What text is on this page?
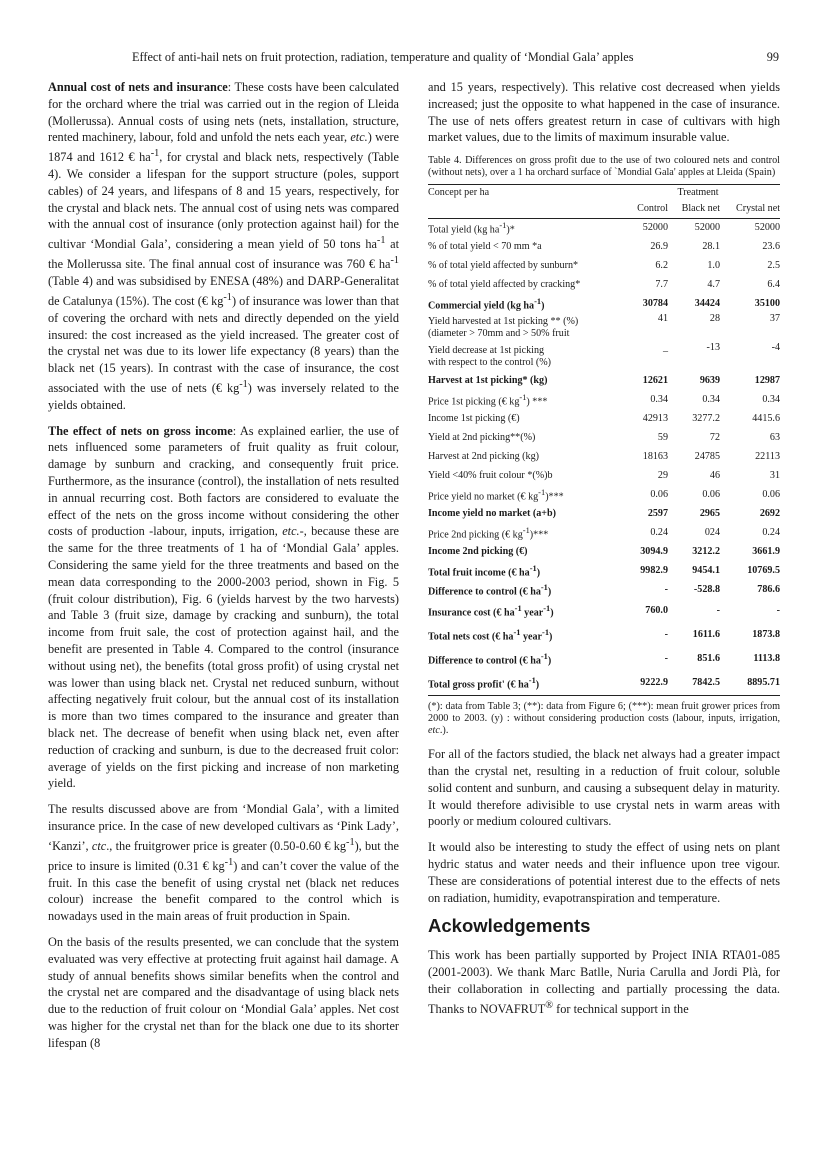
Effect of anti-hail nets on fruit protection, radiation, temperature and quality of ‘Mondial Gala’ apples	99

Annual cost of nets and insurance: These costs have been calculated for the orchard where the trial was carried out in the region of Lleida (Mollerussa). Annual costs of using nets (nets, installation, structure, rented machinery, labour, fold and unfold the nets each year, etc.) were 1874 and 1612 € $ha^{-1}$, for crystal and black nets, respectively (Table 4). We consider a lifespan for the support structure (poles, support cables) of 24 years, and lifespans of 8 and 15 years, respectively, for the crystal and black nets. The annual cost of using nets was compared with the annual cost of insurance (only protection against hail) for the cultivar ‘Mondial Gala’, considering a mean yield of 50 tons $ha^{-1}$ at the Mollerussa site. The final annual cost of insurance was 760 € $ha^{-1}$ (Table 4) and was subsidised by ENESA (48%) and DARP-Generalitat de Catalunya (15%). The cost (€ $kg^{-1}$) of insurance was lower than that of covering the orchard with nets and directly depended on the yield insured: the cost increased as the yield increased. The greater cost of the crystal net was due to its lower life expectancy (8 years) than the black net (15 years). In contrast with the case of insurance, the cost associated with the use of nets (€ $kg^{-1}$) was inversely related to the yields obtained.

The effect of nets on gross income: As explained earlier, the use of nets influenced some parameters of fruit quality as fruit colour, damage by sunburn and cracking, and consequently fruit price. Furthermore, as the insurance (control), the installation of nets resulted in annual recurring cost. Both factors are considered to evaluate the effect of the nets on the gross income without considering the other costs of production -labour, inputs, irrigation, etc.-, because these are the same for the three treatments of 1 ha of ‘Mondial Gala’ apples. Considering the same yield for the three treatments and based on the mean data corresponding to the 2000-2003 period, shown in Fig. 5 (fruit colour distribution), Fig. 6 (yields harvest by the two harvests) and Table 3 (fruit size, damage by cracking and sunburn), the total income from fruit sale, the cost of protection against hail, and the benefit are presented in Table 4. Compared to the control (insurance without using net), the benefits (total gross profit) of using crystal net was lower than using black net. Crystal net reduced sunburn, without affecting negatively fruit colour, but the annual cost of its installation is more than two times compared to the insurance and greater than black net. The decrease of benefit when using black net, even after reduction of cracking and sunburn, is due to the decreased fruit color: average of yields on the first picking and increase of non marketing yield.

The results discussed above are from ‘Mondial Gala’, with a limited insurance price. In the case of new developed cultivars as ‘Pink Lady’, ‘Kanzi’, ctc., the fruitgrower price is greater (0.50-0.60 € $kg^{-1}$), but the price to insure is limited (0.31 € $kg^{-1}$) and can’t cover the value of the fruit. In this case the benefit of using crystal net (black net reduces colour) increase the benefit compared to the control which is nowadays used in the main areas of fruit production in Spain.

On the basis of the results presented, we can conclude that the system evaluated was very effective at protecting fruit against hail damage. A study of annual benefits shows similar benefits when the control and the crystal net are compared and the disadvantage of using black nets due to the reduction of fruit colour on ‘Mondial Gala’ apples. Net cost was higher for the crystal net than for the black one due to its shorter lifespan (8

and 15 years, respectively). This relative cost decreased when yields increased; just the opposite to what happened in the case of insurance. The use of nets offers greatest return in case of cultivars with high market values, due to the limits of maximum insurable value.

Table 4. Differences on gross profit due to the use of two coloured nets and control (without nets), over a 1 ha orchard surface of `Mondial Gala' apples at Lleida (Spain)

Concept per ha	Treatment		
	Control	Black net	Crystal net
Total yield (kg $ha^{-1})*$	52000	52000	52000
% of total yield < 70 mm *a	26.9	28.1	23.6
% of total yield affected by sunburn*	6.2	1.0	2.5
% of total yield affected by cracking*	7.7	4.7	6.4
Commercial yield (kg $ha^{-1}$)	30784	34424	35100
Yield harvested at 1st picking ** (%)
(diameter > 70mm and > 50% fruit	41	28	37
Yield decrease at 1st picking
with respect to the control (%)	_	-13	-4
Harvest at 1st picking* (kg)	12621	9639	12987
Price 1st picking (€ $kg^{-1}$) ***	0.34	0.34	0.34
Income 1st picking (€)	42913	3277.2	4415.6
Yield at 2nd picking**(%)	59	72	63
Harvest at 2nd picking (kg)	18163	24785	22113
Yield <40% fruit colour *(%)b	29	46	31
Price yield no market (€ $kg^{-1})***$	0.06	0.06	0.06
Income yield no market (a+b)	2597	2965	2692
Price 2nd picking (€ $kg^{-1})***$	0.24	024	0.24
Income 2nd picking (€)	3094.9	3212.2	3661.9
Total fruit income (€ $ha^{-1}$)	9982.9	9454.1	10769.5
Difference to control (€ $ha^{-1}$)	-	-528.8	786.6
Insurance cost (€ $ha^{-1}$ year$^{-1}$)	760.0	-	-
Total nets cost (€ $ha^{-1}$ year$^{-1}$)	-	1611.6	1873.8
Difference to control (€ $ha^{-1}$)	-	851.6	1113.8
Total gross profit' (€ $ha^{-1}$)	9222.9	7842.5	8895.71

(*): data from Table 3; (**): data from Figure 6; (***): mean fruit grower prices from 2000 to 2003. (y) : without considering production costs (labour, inputs, irrigation, etc.).

For all of the factors studied, the black net always had a greater impact than the crystal net, resulting in a reduction of fruit colour, soluble solid content and sunburn, and causing a subsequent delay in maturity. It would therefore adivisible to use crystal nets in warm areas with poorly or medium coloured cultivars.

It would also be interesting to study the effect of using nets on plant hydric status and water needs and their influence upon tree vigour. These are considerations of potential interest due to the effects of nets on radiation, humidity, evapotranspiration and temperature.

Ackowledgements

This work has been partially supported by Project INIA RTA01-085 (2001-2003). We thank Marc Batlle, Nuria Carulla and Jordi Plà, for their collaboration in collecting and partially processing the data. Thanks to NOVAFRUT® for technical support in the
